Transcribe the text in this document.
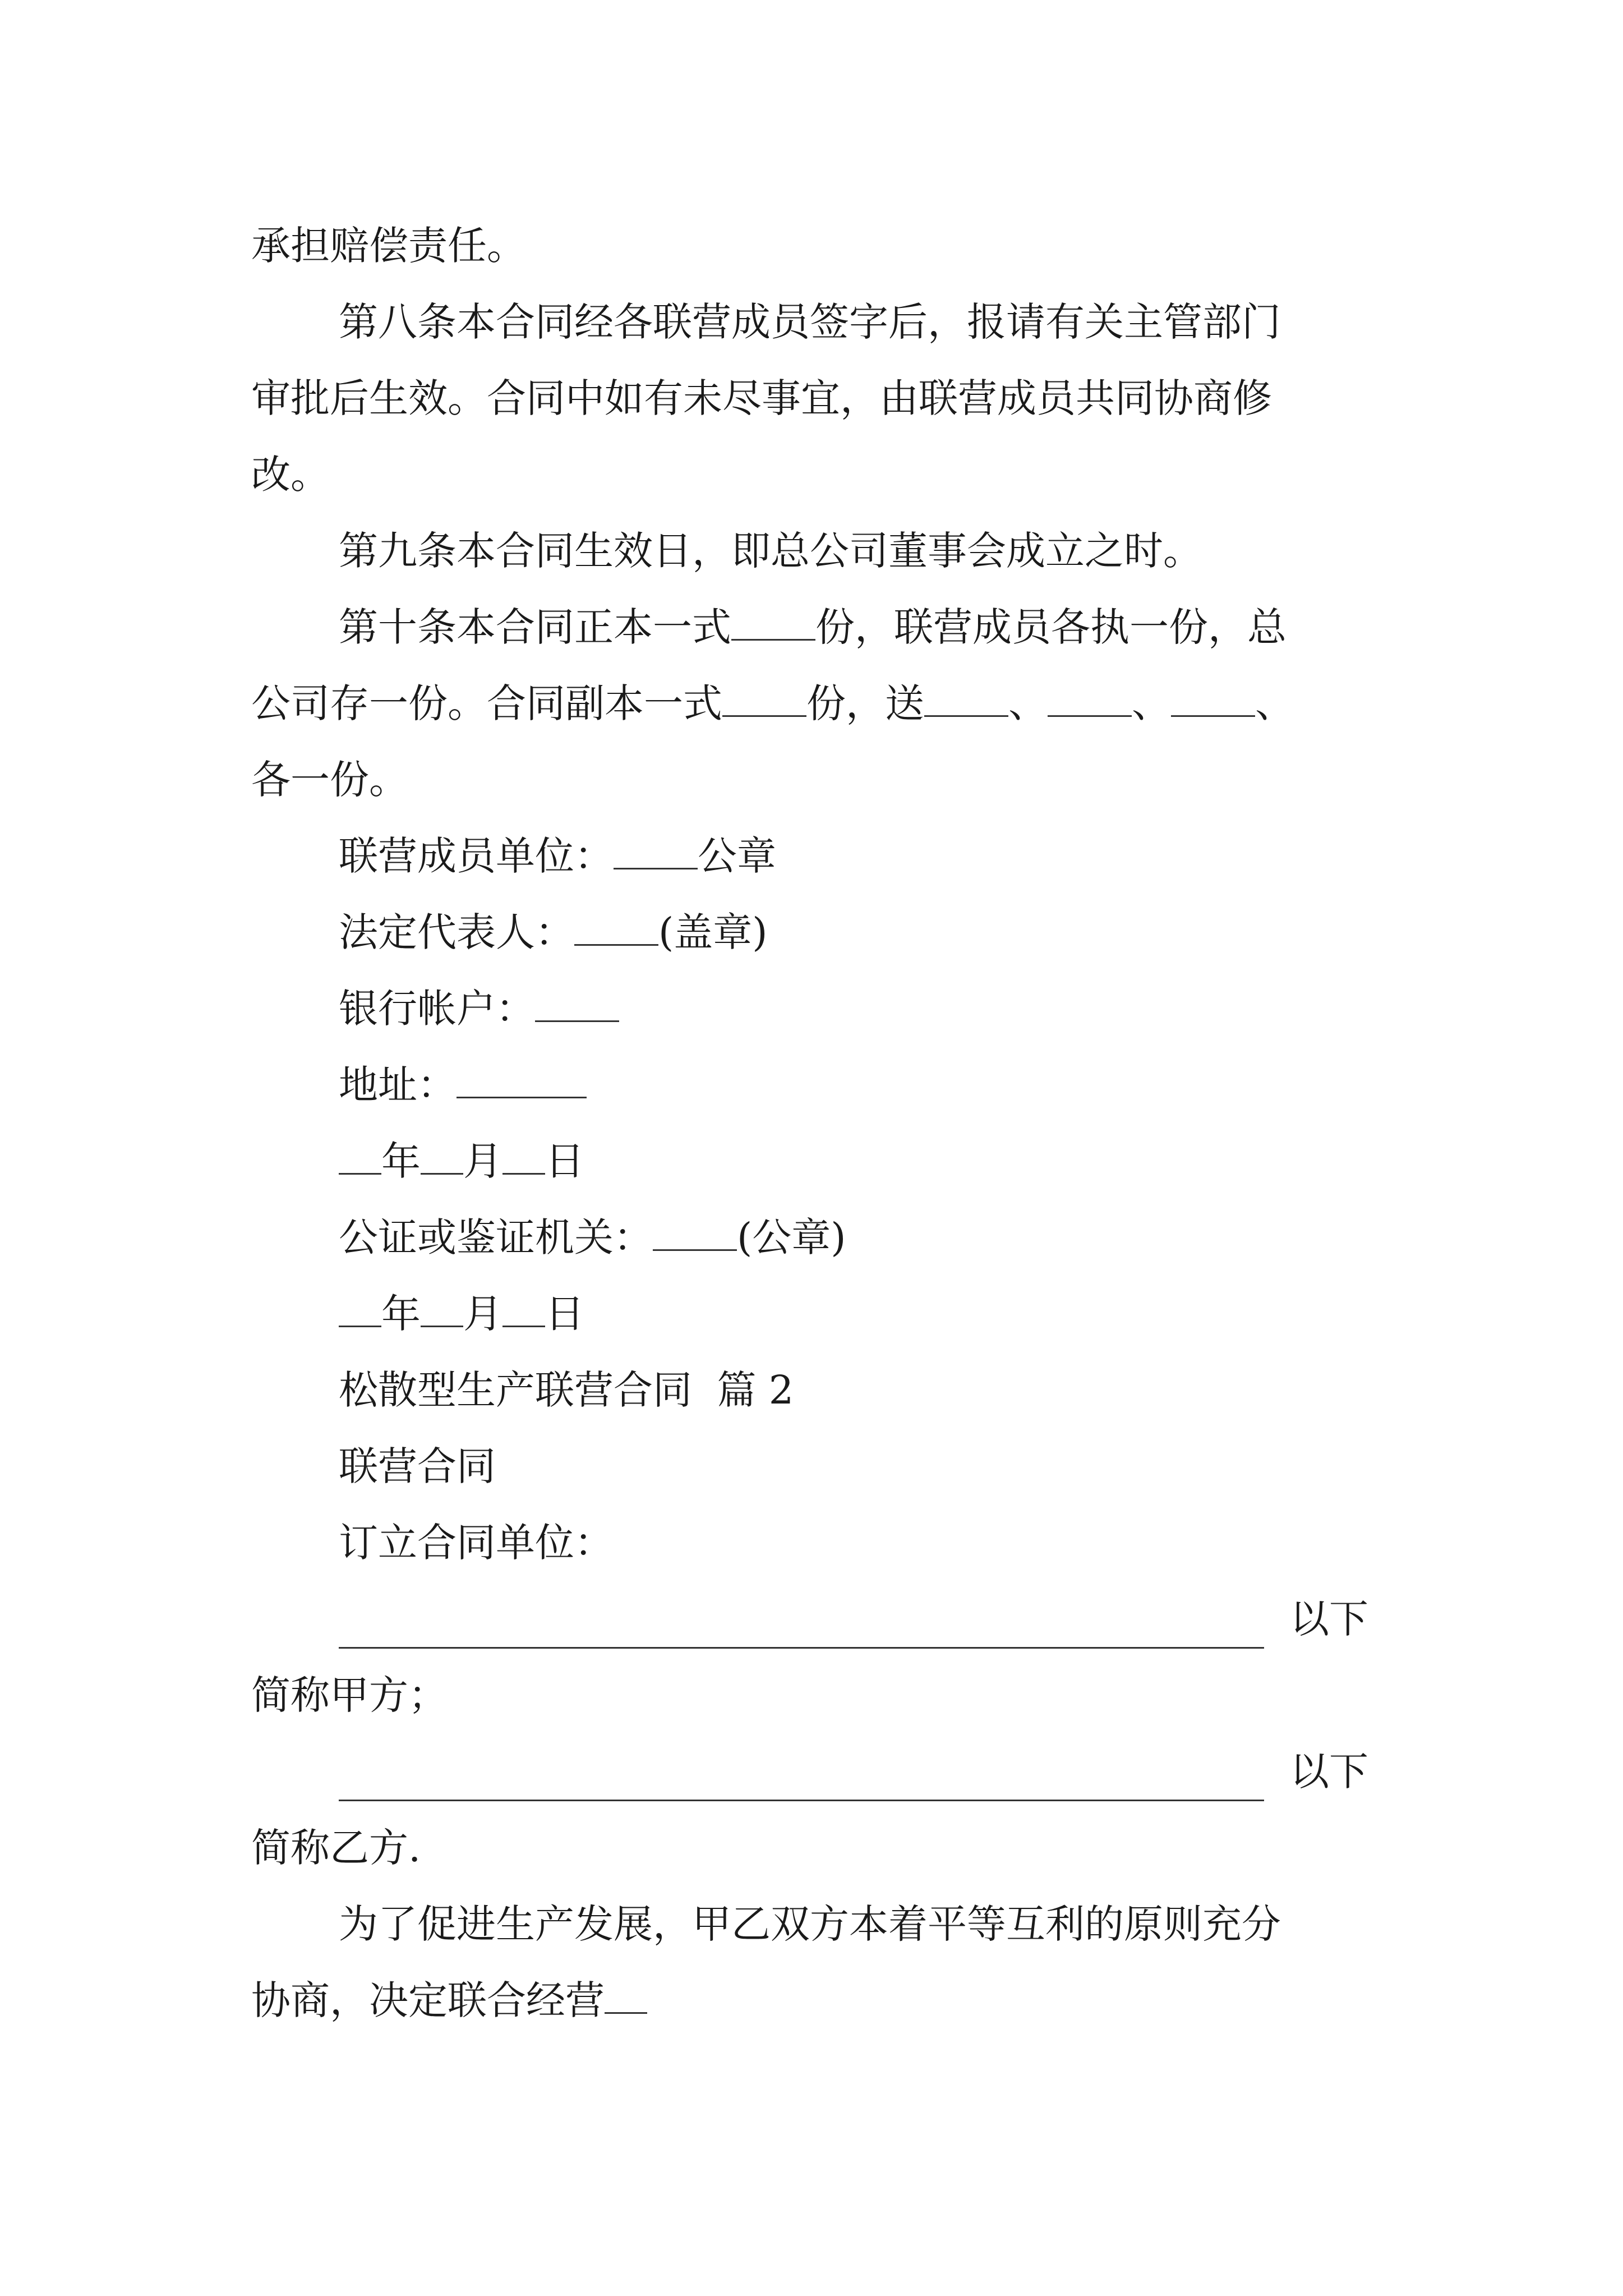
承担赔偿责任。
第八条本合同经各联营成员签字后，报请有关主管部门
审批后生效。合同中如有未尽事宜，由联营成员共同协商修
改。
第九条本合同生效日，即总公司董事会成立之时。
第十条本合同正本一式 份，联营成员各执一份，总
公司存一份。合同副本一式 份，送 、 、 、
各一份。
联营成员单位： 公章
法定代表人： (盖章)
银行帐户：
地址：
年 月 日
公证或鉴证机关： (公章)
年 月 日
松散型生产联营合同  篇 2
联营合同
订立合同单位：
以下
简称甲方；
以下
简称乙方.
为了促进生产发展，甲乙双方本着平等互利的原则充分
协商，决定联合经营
